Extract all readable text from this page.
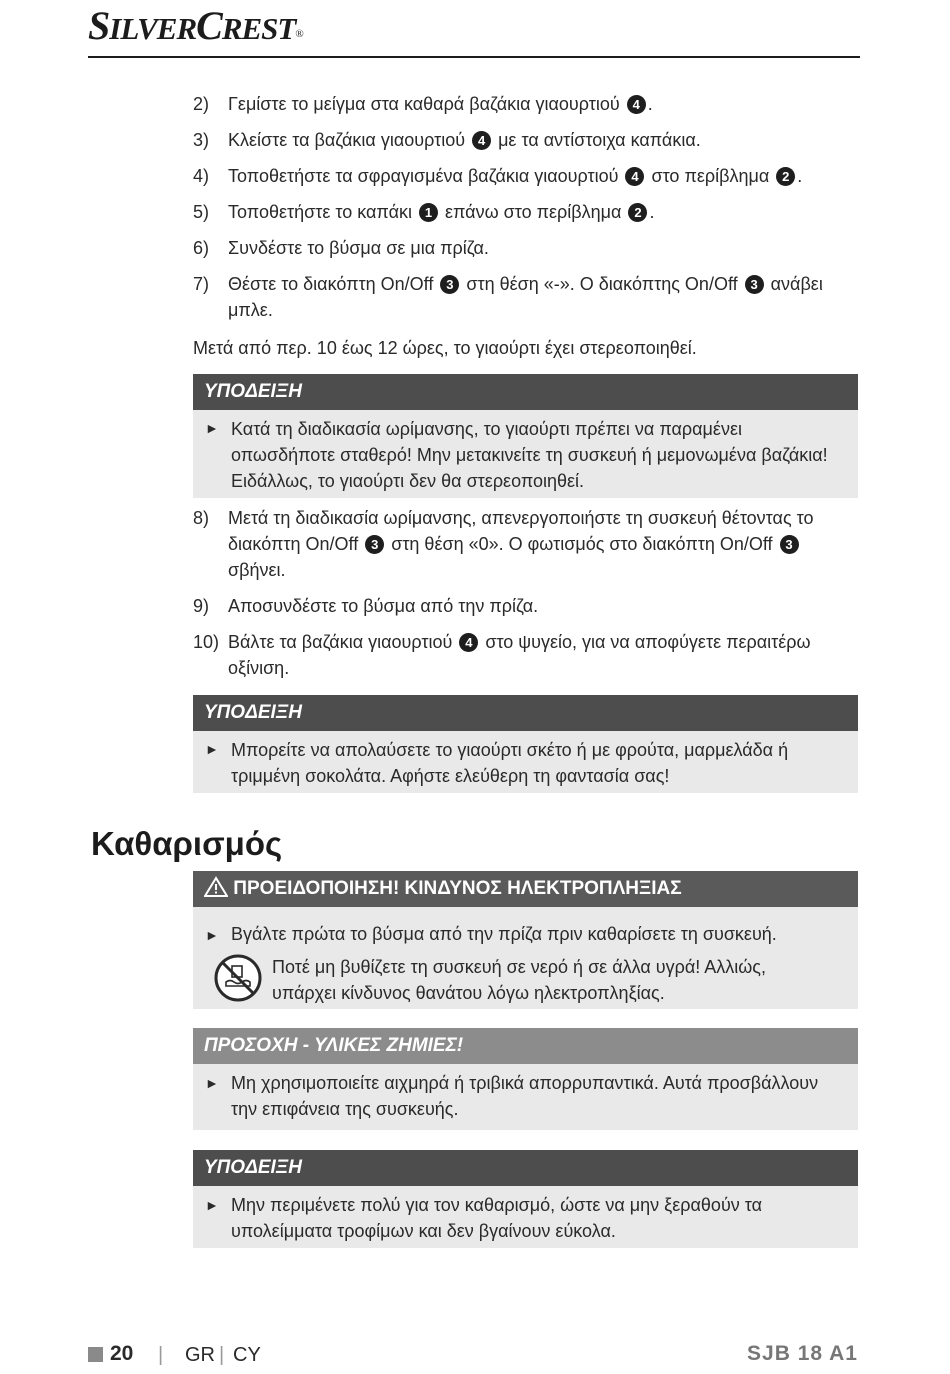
SILVERCREST®
2) Γεμίστε το μείγμα στα καθαρά βαζάκια γιαουρτιού 4 .
3) Κλείστε τα βαζάκια γιαουρτιού 4 με τα αντίστοιχα καπάκια.
4) Τοποθετήστε τα σφραγισμένα βαζάκια γιαουρτιού 4 στο περίβλημα 2 .
5) Τοποθετήστε το καπάκι 1 επάνω στο περίβλημα 2 .
6) Συνδέστε το βύσμα σε μια πρίζα.
7) Θέστε το διακόπτη On/Off 3 στη θέση «-». Ο διακόπτης On/Off 3 ανάβει μπλε.
Μετά από περ. 10 έως 12 ώρες, το γιαούρτι έχει στερεοποιηθεί.
ΥΠΟΔΕΙΞΗ
► Κατά τη διαδικασία ωρίμανσης, το γιαούρτι πρέπει να παραμένει οπωσδήποτε σταθερό! Μην μετακινείτε τη συσκευή ή μεμονωμένα βαζάκια! Ειδάλλως, το γιαούρτι δεν θα στερεοποιηθεί.
8) Μετά τη διαδικασία ωρίμανσης, απενεργοποιήστε τη συσκευή θέτοντας το διακόπτη On/Off 3 στη θέση «0». Ο φωτισμός στο διακόπτη On/Off 3 σβήνει.
9) Αποσυνδέστε το βύσμα από την πρίζα.
10) Βάλτε τα βαζάκια γιαουρτιού 4 στο ψυγείο, για να αποφύγετε περαιτέρω οξίνιση.
ΥΠΟΔΕΙΞΗ
► Μπορείτε να απολαύσετε το γιαούρτι σκέτο ή με φρούτα, μαρμελάδα ή τριμμένη σοκολάτα. Αφήστε ελεύθερη τη φαντασία σας!
Καθαρισμός
ΠΡΟΕΙΔΟΠΟΙΗΣΗ! ΚΙΝΔΥΝΟΣ ΗΛΕΚΤΡΟΠΛΗΞΙΑΣ
► Βγάλτε πρώτα το βύσμα από την πρίζα πριν καθαρίσετε τη συσκευή.
Ποτέ μη βυθίζετε τη συσκευή σε νερό ή σε άλλα υγρά! Αλλιώς, υπάρχει κίνδυνος θανάτου λόγω ηλεκτροπληξίας.
ΠΡΟΣΟΧΗ - ΥΛΙΚΕΣ ΖΗΜΙΕΣ!
► Μη χρησιμοποιείτε αιχμηρά ή τριβικά απορρυπαντικά. Αυτά προσβάλλουν την επιφάνεια της συσκευής.
ΥΠΟΔΕΙΞΗ
► Μην περιμένετε πολύ για τον καθαρισμό, ώστε να μην ξεραθούν τα υπολείμματα τροφίμων και δεν βγαίνουν εύκολα.
20 | GR | CY	SJB 18 A1
